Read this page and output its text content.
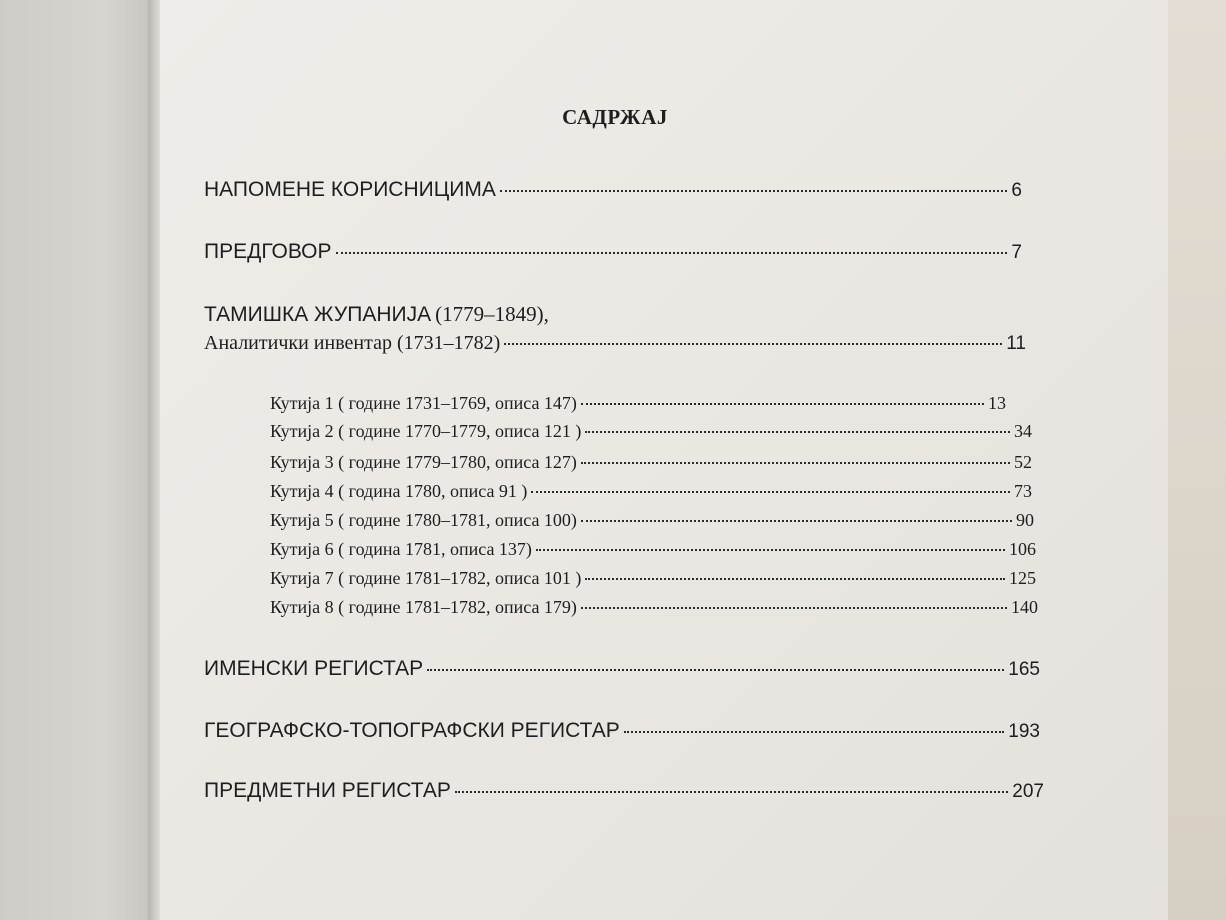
САДРЖАЈ
НАПОМЕНЕ КОРИСНИЦИМА	6
ПРЕДГОВОР	7
ТАМИШКА ЖУПАНИЈА (1779–1849),
Аналитички инвентар (1731–1782)	11
Кутија 1 ( године 1731–1769, описа 147)	13
Кутија 2 ( године 1770–1779, описа 121 )	34
Кутија 3 ( године 1779–1780, описа 127)	52
Кутија 4 ( година 1780, описа 91 )	73
Кутија 5 ( године 1780–1781, описа 100)	90
Кутија 6 ( година 1781, описа 137)	106
Кутија 7 ( године 1781–1782, описа 101 )	125
Кутија 8 ( године 1781–1782, описа 179)	140
ИМЕНСКИ РЕГИСТАР	165
ГЕОГРАФСКО-ТОПОГРАФСКИ РЕГИСТАР	193
ПРЕДМЕТНИ РЕГИСТАР	207
